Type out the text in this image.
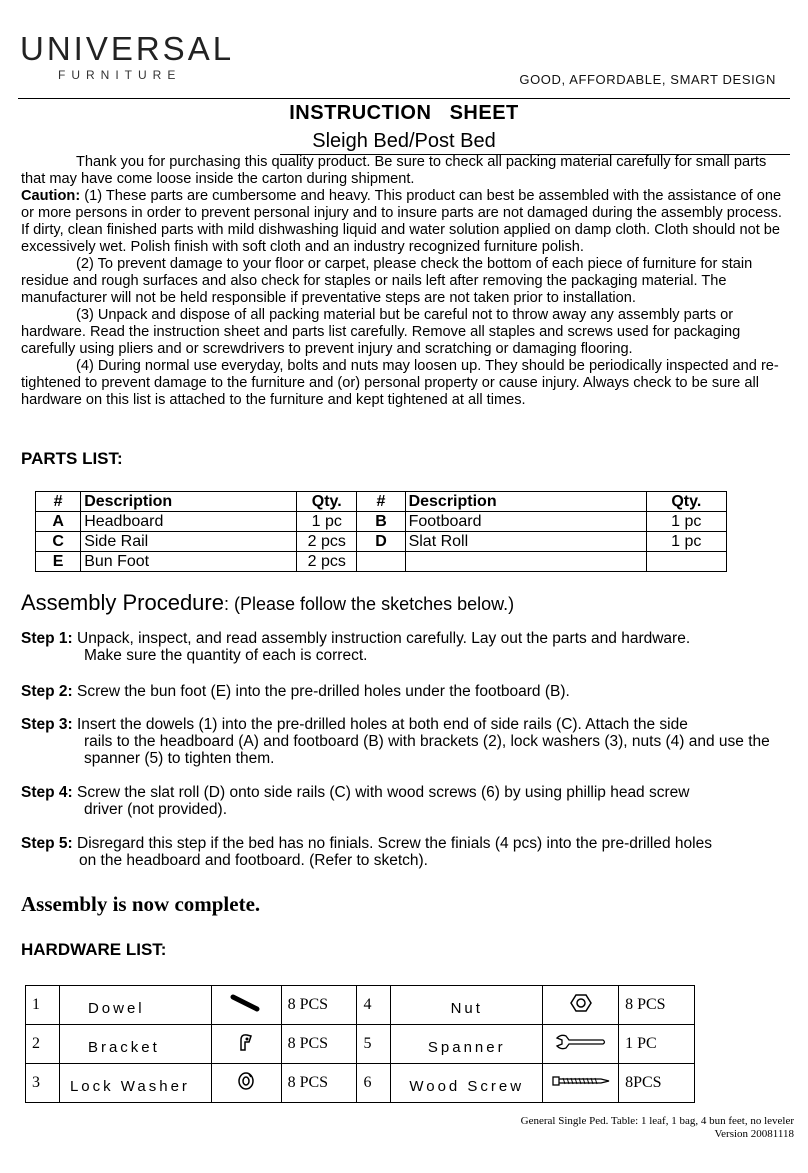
UNIVERSAL
FURNITURE	GOOD, AFFORDABLE, SMART DESIGN
INSTRUCTION   SHEET
Sleigh Bed/Post Bed

Thank you for purchasing this quality product. Be sure to check all packing material carefully for small parts that may have come loose inside the carton during shipment.

Caution: (1) These parts are cumbersome and heavy. This product can best be assembled with the assistance of one or more persons in order to prevent personal injury and to insure parts are not damaged during the assembly process. If dirty, clean finished parts with mild dishwashing liquid and water solution applied on damp cloth. Cloth should not be excessively wet. Polish finish with soft cloth and an industry recognized furniture polish.

(2) To prevent damage to your floor or carpet, please check the bottom of each piece of furniture for stain residue and rough surfaces and also check for staples or nails left after removing the packaging material. The manufacturer will not be held responsible if preventative steps are not taken prior to installation.

(3) Unpack and dispose of all packing material but be careful not to throw away any assembly parts or hardware. Read the instruction sheet and parts list carefully. Remove all staples and screws used for packaging carefully using pliers and or screwdrivers to prevent injury and scratching or damaging flooring.

(4) During normal use everyday, bolts and nuts may loosen up. They should be periodically inspected and re-tightened to prevent damage to the furniture and (or) personal property or cause injury. Always check to be sure all hardware on this list is attached to the furniture and kept tightened at all times.

PARTS LIST:
#	Description	Qty.	#	Description	Qty.
A	Headboard	1 pc	B	Footboard	1 pc
C	Side Rail	2 pcs	D	Slat Roll	1 pc
E	Bun Foot	2 pcs			
Assembly Procedure: (Please follow the sketches below.)
Step 1: Unpack, inspect, and read assembly instruction carefully. Lay out the parts and hardware.
Make sure the quantity of each is correct.
Step 2: Screw the bun foot (E) into the pre-drilled holes under the footboard (B).
Step 3: Insert the dowels (1) into the pre-drilled holes at both end of side rails (C). Attach the side
rails to the headboard (A) and footboard (B) with brackets (2), lock washers (3), nuts (4) and use the spanner (5) to tighten them.
Step 4: Screw the slat roll (D) onto side rails (C) with wood screws (6) by using phillip head screw
driver (not provided).
Step 5: Disregard this step if the bed has no finials. Screw the finials (4 pcs) into the pre-drilled holes
on the headboard and footboard. (Refer to sketch).
Assembly is now complete.
HARDWARE LIST:
1	Dowel		8 PCS	4	Nut		8 PCS
2	Bracket		8 PCS	5	Spanner		1 PC
3	Lock Washer		8 PCS	6	Wood Screw		8PCS
General Single Ped. Table: 1 leaf, 1 bag, 4 bun feet, no leveler
Version 20081118
